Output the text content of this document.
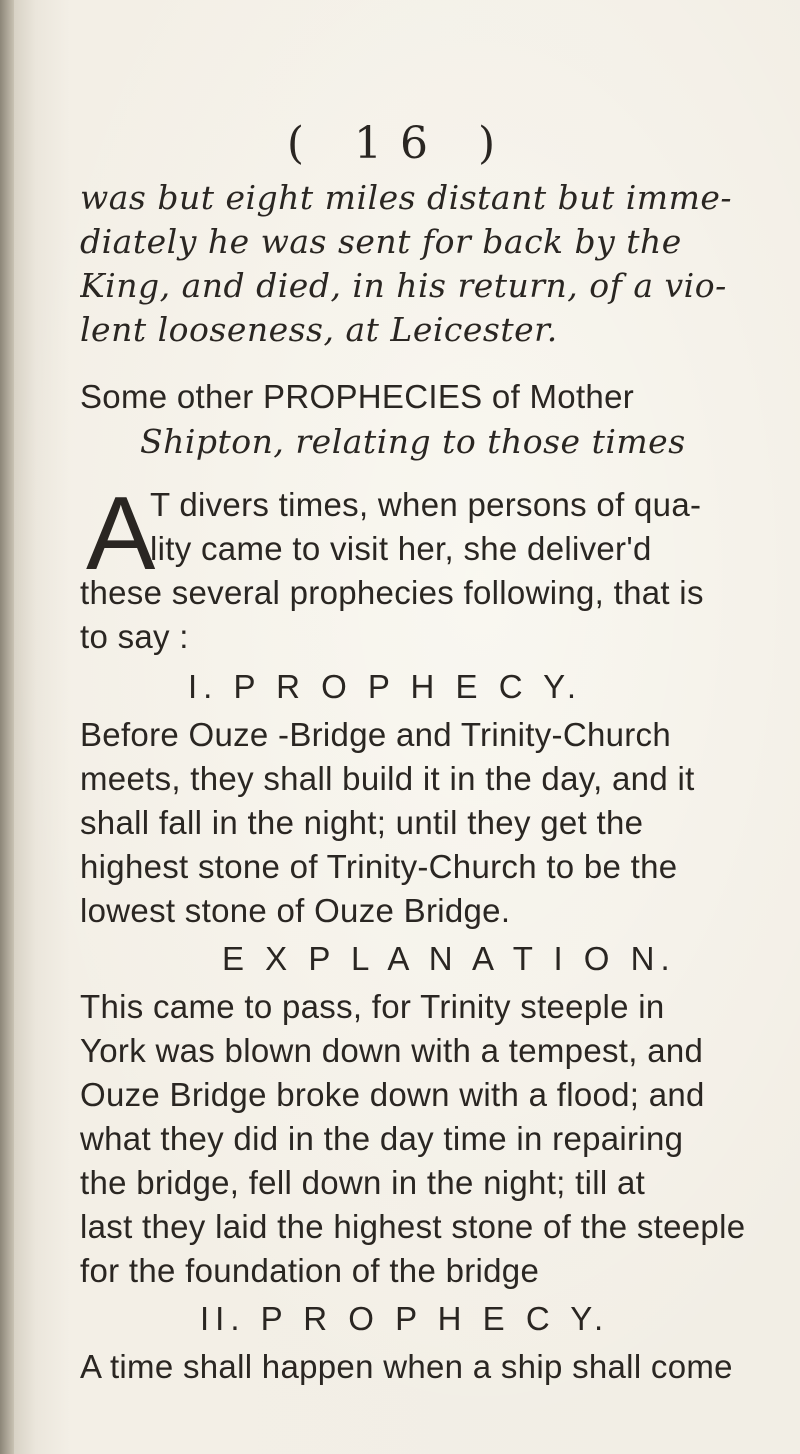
( 16 )
was but eight miles distant but imme-
diately he was sent for back by the
King, and died, in his return, of a vio-
lent looseness, at Leicester.
Some other PROPHECIES of Mother
Shipton, relating to those times
A
T divers times, when persons of qua-
lity came to visit her, she deliver'd
these several prophecies following, that is
to say :
I. P R O P H E C Y.
Before Ouze -Bridge and Trinity-Church
meets, they shall build it in the day, and it
shall fall in the night; until they get the
highest stone of Trinity-Church to be the
lowest stone of Ouze Bridge.
E X P L A N A T I O N.
This came to pass, for Trinity steeple in
York was blown down with a tempest, and
Ouze Bridge broke down with a flood; and
what they did in the day time in repairing
the bridge, fell down in the night; till at
last they laid the highest stone of the steeple
for the foundation of the bridge
II. P R O P H E C Y.
A time shall happen when a ship shall come
